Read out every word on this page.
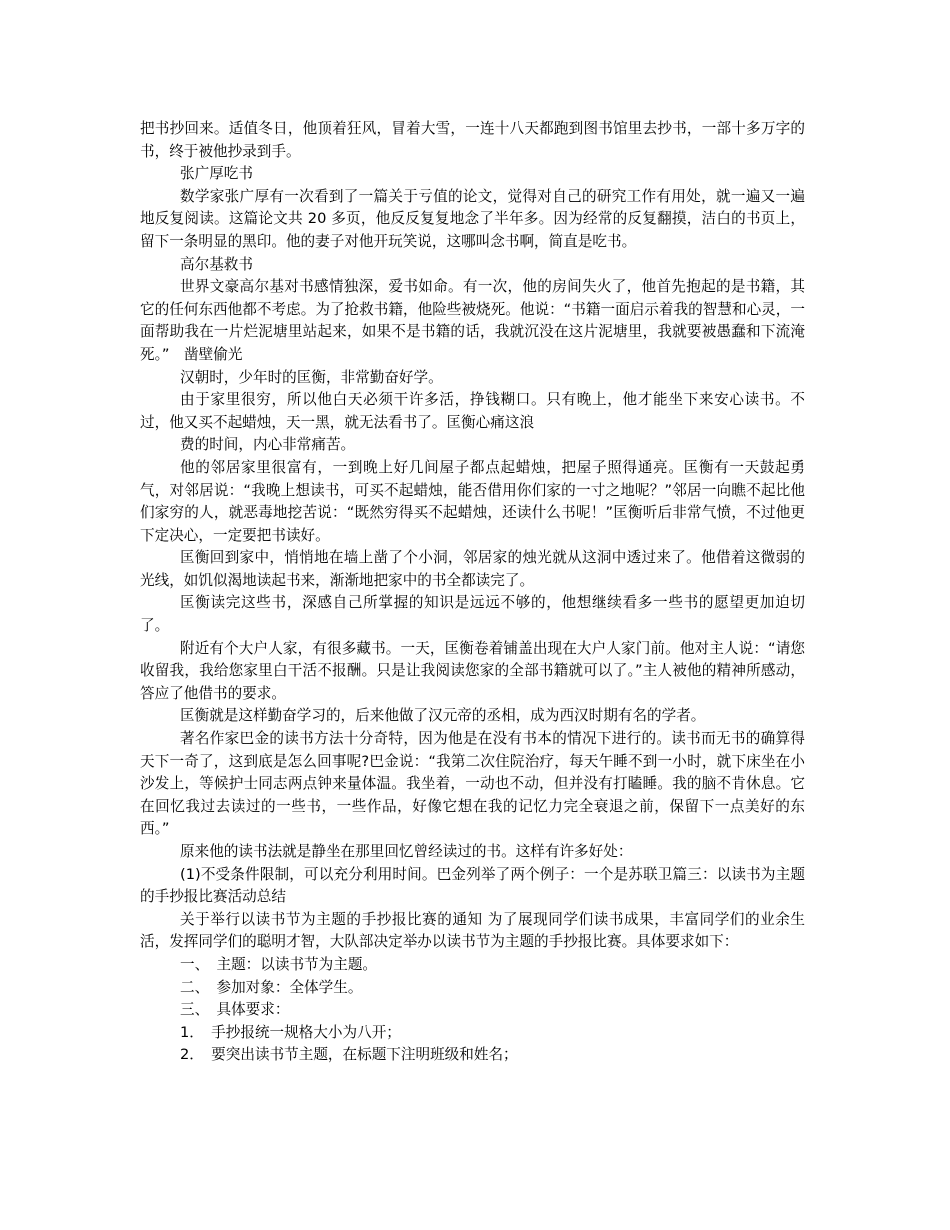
把书抄回来。适值冬日，他顶着狂风，冒着大雪，一连十八天都跑到图书馆里去抄书，一部十多万字的书，终于被他抄录到手。

张广厚吃书

数学家张广厚有一次看到了一篇关于亏值的论文，觉得对自己的研究工作有用处，就一遍又一遍地反复阅读。这篇论文共 20 多页，他反反复复地念了半年多。因为经常的反复翻摸，洁白的书页上，留下一条明显的黑印。他的妻子对他开玩笑说，这哪叫念书啊，简直是吃书。

高尔基救书

世界文豪高尔基对书感情独深，爱书如命。有一次，他的房间失火了，他首先抱起的是书籍，其它的任何东西他都不考虑。为了抢救书籍，他险些被烧死。他说：“书籍一面启示着我的智慧和心灵，一面帮助我在一片烂泥塘里站起来，如果不是书籍的话，我就沉没在这片泥塘里，我就要被愚蠢和下流淹死。”　凿壁偷光

汉朝时，少年时的匡衡，非常勤奋好学。

由于家里很穷，所以他白天必须干许多活，挣钱糊口。只有晚上，他才能坐下来安心读书。不过，他又买不起蜡烛，天一黑，就无法看书了。匡衡心痛这浪

费的时间，内心非常痛苦。

他的邻居家里很富有，一到晚上好几间屋子都点起蜡烛，把屋子照得通亮。匡衡有一天鼓起勇气，对邻居说：“我晚上想读书，可买不起蜡烛，能否借用你们家的一寸之地呢？”邻居一向瞧不起比他们家穷的人，就恶毒地挖苦说：“既然穷得买不起蜡烛，还读什么书呢！”匡衡听后非常气愤，不过他更下定决心，一定要把书读好。

匡衡回到家中，悄悄地在墙上凿了个小洞，邻居家的烛光就从这洞中透过来了。他借着这微弱的光线，如饥似渴地读起书来，渐渐地把家中的书全都读完了。

匡衡读完这些书，深感自己所掌握的知识是远远不够的，他想继续看多一些书的愿望更加迫切了。

附近有个大户人家，有很多藏书。一天，匡衡卷着铺盖出现在大户人家门前。他对主人说：“请您收留我，我给您家里白干活不报酬。只是让我阅读您家的全部书籍就可以了。”主人被他的精神所感动，答应了他借书的要求。

匡衡就是这样勤奋学习的，后来他做了汉元帝的丞相，成为西汉时期有名的学者。

著名作家巴金的读书方法十分奇特，因为他是在没有书本的情况下进行的。读书而无书的确算得天下一奇了，这到底是怎么回事呢?巴金说：“我第二次住院治疗，每天午睡不到一小时，就下床坐在小沙发上，等候护士同志两点钟来量体温。我坐着，一动也不动，但并没有打瞌睡。我的脑不肯休息。它在回忆我过去读过的一些书，一些作品，好像它想在我的记忆力完全衰退之前，保留下一点美好的东西。”

原来他的读书法就是静坐在那里回忆曾经读过的书。这样有许多好处：

(1)不受条件限制，可以充分利用时间。巴金列举了两个例子：一个是苏联卫篇三：以读书为主题的手抄报比赛活动总结

关于举行以读书节为主题的手抄报比赛的通知 为了展现同学们读书成果，丰富同学们的业余生活，发挥同学们的聪明才智，大队部决定举办以读书节为主题的手抄报比赛。具体要求如下：

一、　主题：以读书节为主题。

二、　参加对象：全体学生。

三、　具体要求：

1．　手抄报统一规格大小为八开；

2．　要突出读书节主题，在标题下注明班级和姓名；
